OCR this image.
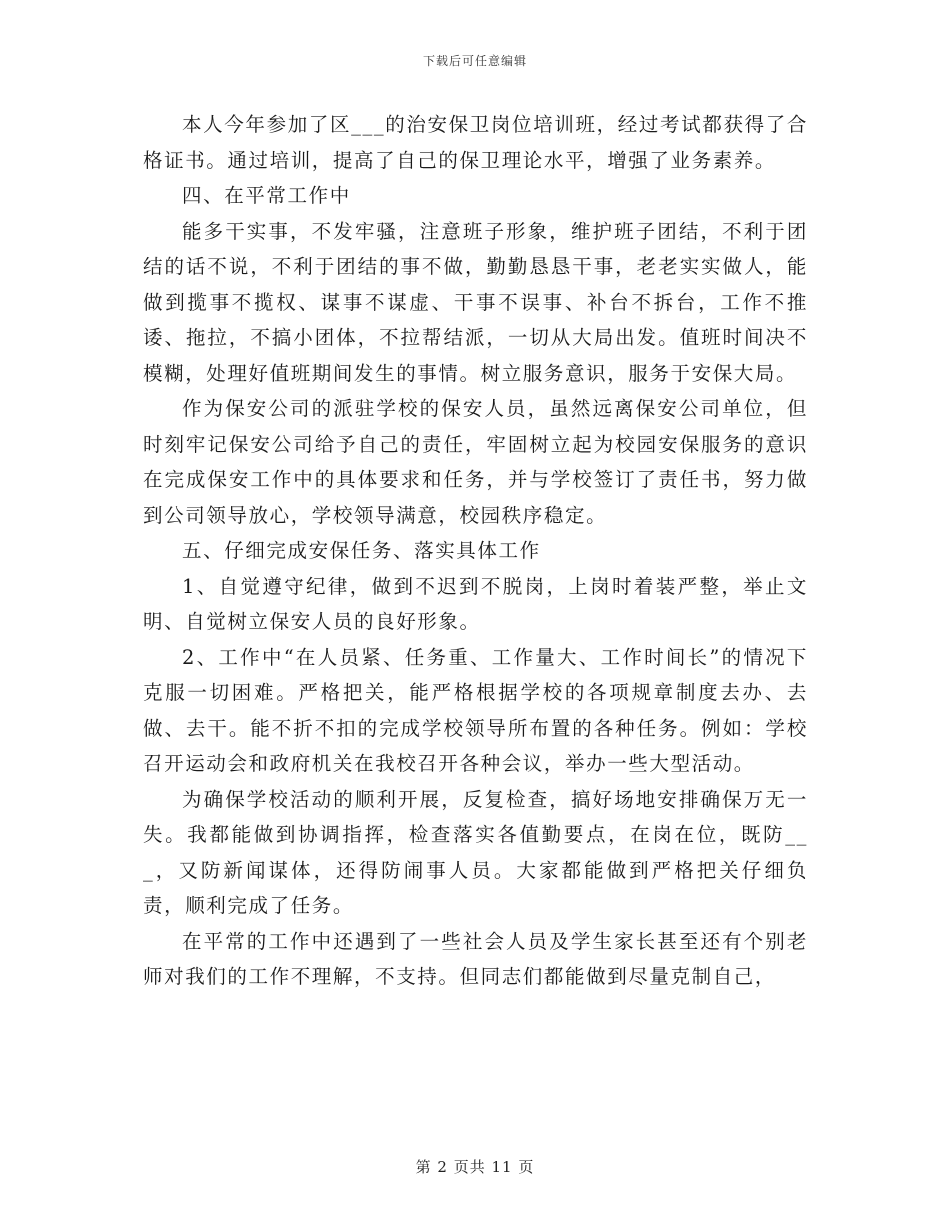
下载后可任意编辑

本人今年参加了区___的治安保卫岗位培训班，经过考试都获得了合格证书。通过培训，提高了自己的保卫理论水平，增强了业务素养。

四、在平常工作中

能多干实事，不发牢骚，注意班子形象，维护班子团结，不利于团结的话不说，不利于团结的事不做，勤勤恳恳干事，老老实实做人，能做到揽事不揽权、谋事不谋虚、干事不误事、补台不拆台，工作不推诿、拖拉，不搞小团体，不拉帮结派，一切从大局出发。值班时间决不模糊，处理好值班期间发生的事情。树立服务意识，服务于安保大局。

作为保安公司的派驻学校的保安人员，虽然远离保安公司单位，但时刻牢记保安公司给予自己的责任，牢固树立起为校园安保服务的意识在完成保安工作中的具体要求和任务，并与学校签订了责任书，努力做到公司领导放心，学校领导满意，校园秩序稳定。

五、仔细完成安保任务、落实具体工作

1、自觉遵守纪律，做到不迟到不脱岗，上岗时着装严整，举止文明、自觉树立保安人员的良好形象。

2、工作中“在人员紧、任务重、工作量大、工作时间长”的情况下克服一切困难。严格把关，能严格根据学校的各项规章制度去办、去做、去干。能不折不扣的完成学校领导所布置的各种任务。例如：学校召开运动会和政府机关在我校召开各种会议，举办一些大型活动。

为确保学校活动的顺利开展，反复检查，搞好场地安排确保万无一失。我都能做到协调指挥，检查落实各值勤要点，在岗在位，既防___，又防新闻谋体，还得防闹事人员。大家都能做到严格把关仔细负责，顺利完成了任务。

在平常的工作中还遇到了一些社会人员及学生家长甚至还有个别老师对我们的工作不理解，不支持。但同志们都能做到尽量克制自己，

第 2 页共 11 页
